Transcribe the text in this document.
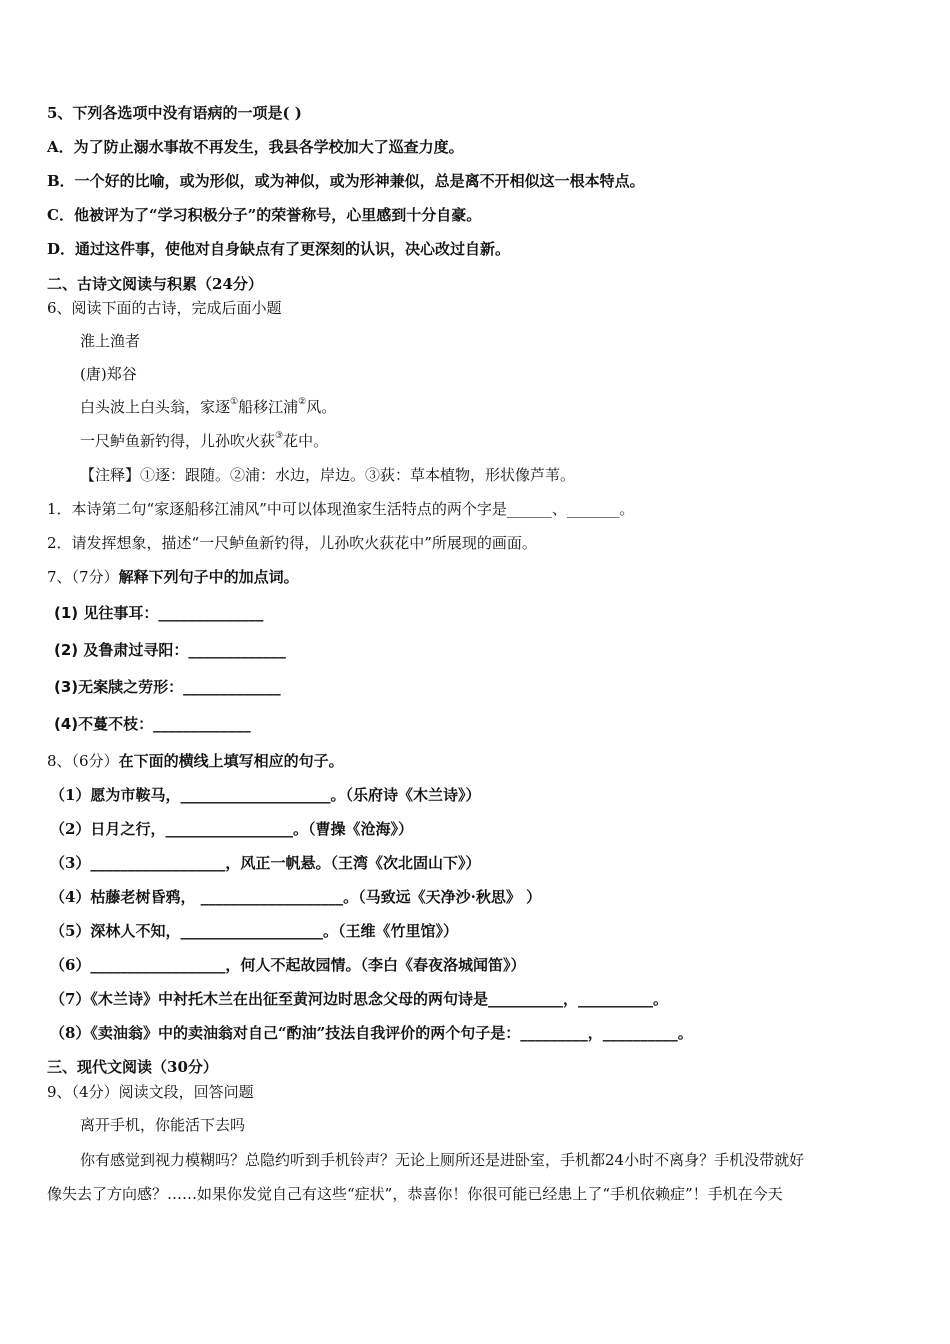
5、下列各选项中没有语病的一项是( )
A．为了防止溺水事故不再发生，我县各学校加大了巡查力度。
B．一个好的比喻，或为形似，或为神似，或为形神兼似，总是离不开相似这一根本特点。
C．他被评为了“学习积极分子”的荣誉称号，心里感到十分自豪。
D．通过这件事，使他对自身缺点有了更深刻的认识，决心改过自新。
二、古诗文阅读与积累（24分）
6、阅读下面的古诗，完成后面小题
淮上渔者
(唐)郑谷
白头波上白头翁，家逐①船移江浦②风。
一尺鲈鱼新钓得，儿孙吹火荻③花中。
【注释】①逐：跟随。②浦：水边，岸边。③荻：草本植物，形状像芦苇。
1．本诗第二句“家逐船移江浦风”中可以体现渔家生活特点的两个字是______、_______。
2．请发挥想象，描述“一尺鲈鱼新钓得，儿孙吹火荻花中”所展现的画面。
7、（7分）解释下列句子中的加点词。
(1) 见往事耳：______________
(2) 及鲁肃过寻阳：_____________
(3)无案牍之劳形：_____________
(4)不蔓不枝：_____________
8、（6分）在下面的横线上填写相应的句子。
（1）愿为市鞍马，____________________。（乐府诗《木兰诗》）
（2）日月之行，_________________。（曹操《沧海》）
（3）__________________，风正一帆悬。（王湾《次北固山下》）
（4）枯藤老树昏鸦， ___________________。（马致远《天净沙·秋思》 ）
（5）深林人不知，___________________。（王维《竹里馆》）
（6）__________________，何人不起故园情。（李白《春夜洛城闻笛》）
（7）《木兰诗》中衬托木兰在出征至黄河边时思念父母的两句诗是__________，__________。
（8）《卖油翁》中的卖油翁对自己“酌油”技法自我评价的两个句子是：_________，__________。
三、现代文阅读（30分）
9、（4分）阅读文段，回答问题
离开手机，你能活下去吗
你有感觉到视力模糊吗？总隐约听到手机铃声？无论上厕所还是进卧室，手机都24小时不离身？手机没带就好
像失去了方向感？……如果你发觉自己有这些“症状”，恭喜你！你很可能已经患上了“手机依赖症”！手机在今天
